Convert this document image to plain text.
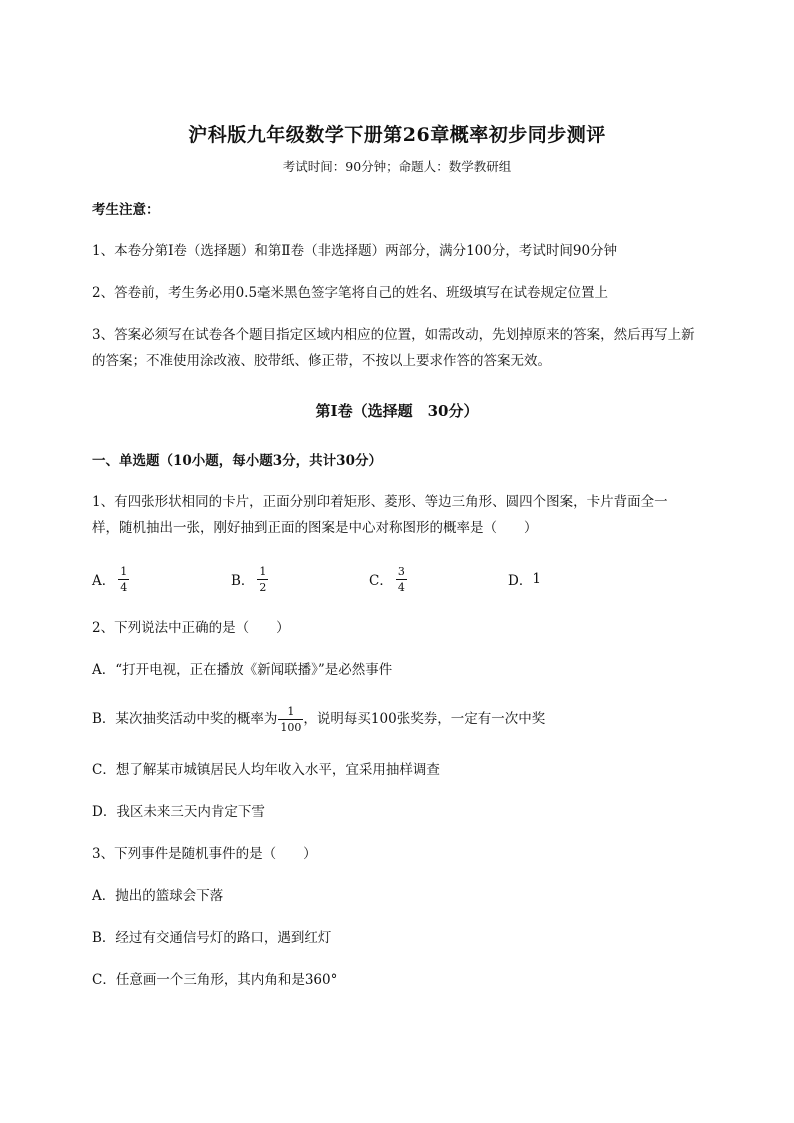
沪科版九年级数学下册第26章概率初步同步测评
考试时间：90分钟；命题人：数学教研组
考生注意：
1、本卷分第I卷（选择题）和第Ⅱ卷（非选择题）两部分，满分100分，考试时间90分钟
2、答卷前，考生务必用0.5毫米黑色签字笔将自己的姓名、班级填写在试卷规定位置上
3、答案必须写在试卷各个题目指定区域内相应的位置，如需改动，先划掉原来的答案，然后再写上新
的答案；不准使用涂改液、胶带纸、修正带，不按以上要求作答的答案无效。
第I卷（选择题　30分）
一、单选题（10小题，每小题3分，共计30分）
1、有四张形状相同的卡片，正面分别印着矩形、菱形、等边三角形、圆四个图案，卡片背面全一
样，随机抽出一张，刚好抽到正面的图案是中心对称图形的概率是（　　）
A． $\frac{1}{4}$	B． $\frac{1}{2}$	C． $\frac{3}{4}$	D． 1
2、下列说法中正确的是（　　）
A．“打开电视，正在播放《新闻联播》”是必然事件
B．某次抽奖活动中奖的概率为 $\frac{1}{100}$ ，说明每买100张奖券，一定有一次中奖
C．想了解某市城镇居民人均年收入水平，宜采用抽样调查
D．我区未来三天内肯定下雪
3、下列事件是随机事件的是（　　）
A．抛出的篮球会下落
B．经过有交通信号灯的路口，遇到红灯
C．任意画一个三角形，其内角和是360°
